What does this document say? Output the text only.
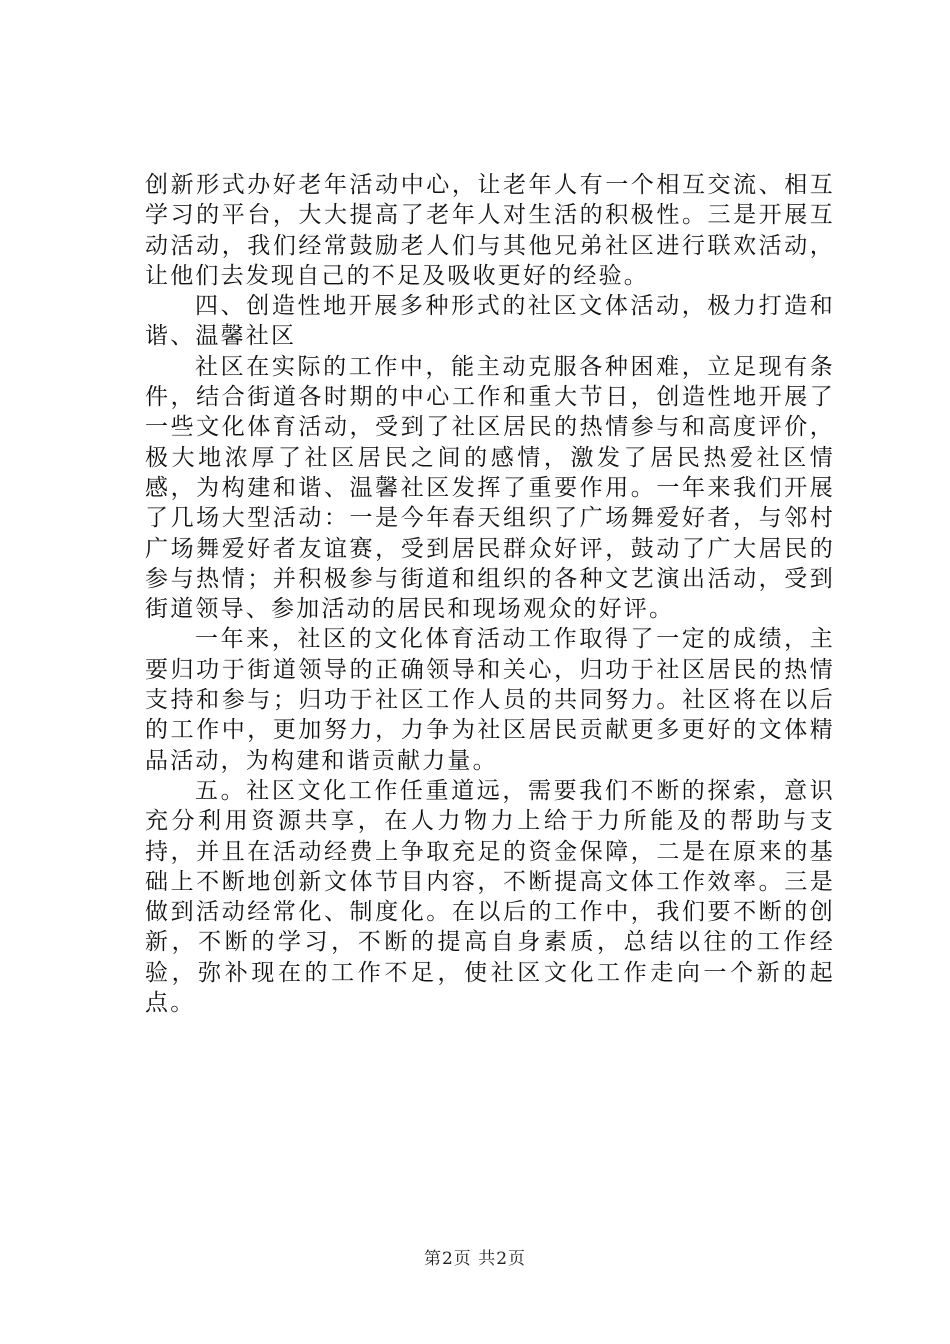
创新形式办好老年活动中心，让老年人有一个相互交流、相互学习的平台，大大提高了老年人对生活的积极性。三是开展互动活动，我们经常鼓励老人们与其他兄弟社区进行联欢活动，让他们去发现自己的不足及吸收更好的经验。

四、创造性地开展多种形式的社区文体活动，极力打造和谐、温馨社区

社区在实际的工作中，能主动克服各种困难，立足现有条件，结合街道各时期的中心工作和重大节日，创造性地开展了一些文化体育活动，受到了社区居民的热情参与和高度评价，极大地浓厚了社区居民之间的感情，激发了居民热爱社区情感，为构建和谐、温馨社区发挥了重要作用。一年来我们开展了几场大型活动：一是今年春天组织了广场舞爱好者，与邻村广场舞爱好者友谊赛，受到居民群众好评，鼓动了广大居民的参与热情；并积极参与街道和组织的各种文艺演出活动，受到街道领导、参加活动的居民和现场观众的好评。

一年来，社区的文化体育活动工作取得了一定的成绩，主要归功于街道领导的正确领导和关心，归功于社区居民的热情支持和参与；归功于社区工作人员的共同努力。社区将在以后的工作中，更加努力，力争为社区居民贡献更多更好的文体精品活动，为构建和谐贡献力量。

五。社区文化工作任重道远，需要我们不断的探索，意识充分利用资源共享，在人力物力上给于力所能及的帮助与支持，并且在活动经费上争取充足的资金保障，二是在原来的基础上不断地创新文体节目内容，不断提高文体工作效率。三是做到活动经常化、制度化。在以后的工作中，我们要不断的创新，不断的学习，不断的提高自身素质，总结以往的工作经验，弥补现在的工作不足，使社区文化工作走向一个新的起点。

第2页 共2页
